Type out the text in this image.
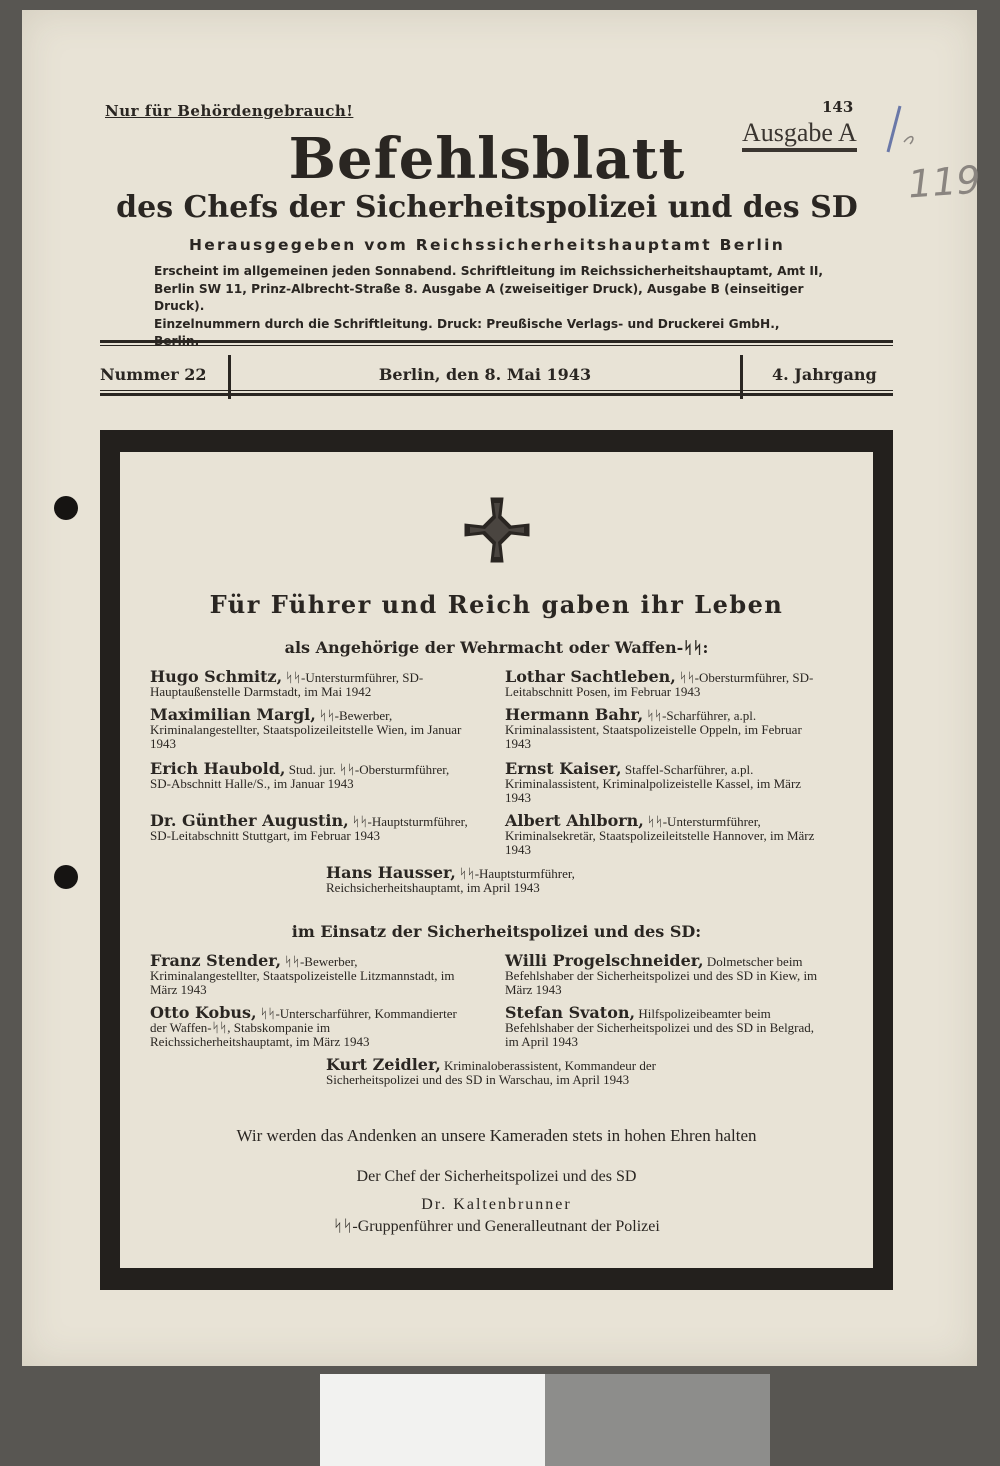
Nur für Behördengebrauch!	143
Ausgabe A
119
Befehlsblatt
des Chefs der Sicherheitspolizei und des SD
Herausgegeben vom Reichssicherheitshauptamt Berlin
Erscheint im allgemeinen jeden Sonnabend. Schriftleitung im Reichssicherheitshauptamt, Amt II,
Berlin SW 11, Prinz-Albrecht-Straße 8. Ausgabe A (zweiseitiger Druck), Ausgabe B (einseitiger Druck).
Einzelnummern durch die Schriftleitung. Druck: Preußische Verlags- und Druckerei GmbH.,
Nummer 22	Berlin, den 8. Mai 1943	4. Jahrgang
Für Führer und Reich gaben ihr Leben
als Angehörige der Wehrmacht oder Waffen-ᛋᛋ:
Hugo Schmitz, ᛋᛋ-Untersturmführer, SD-Hauptaußenstelle Darmstadt, im Mai 1942
Lothar Sachtleben, ᛋᛋ-Obersturmführer, SD-Leitabschnitt Posen, im Februar 1943
Maximilian Margl, ᛋᛋ-Bewerber, Kriminalangestellter, Staatspolizeileitstelle Wien, im Januar 1943
Hermann Bahr, ᛋᛋ-Scharführer, a.pl. Kriminalassistent, Staatspolizeistelle Oppeln, im Februar 1943
Erich Haubold, Stud. jur. ᛋᛋ-Obersturmführer, SD-Abschnitt Halle/S., im Januar 1943
Ernst Kaiser, Staffel-Scharführer, a.pl. Kriminalassistent, Kriminalpolizeistelle Kassel, im März 1943
Dr. Günther Augustin, ᛋᛋ-Hauptsturmführer, SD-Leitabschnitt Stuttgart, im Februar 1943
Albert Ahlborn, ᛋᛋ-Untersturmführer, Kriminalsekretär, Staatspolizeileitstelle Hannover, im März 1943
Hans Hausser, ᛋᛋ-Hauptsturmführer, Reichsicherheitshauptamt, im April 1943
im Einsatz der Sicherheitspolizei und des SD:
Franz Stender, ᛋᛋ-Bewerber, Kriminalangestellter, Staatspolizeistelle Litzmannstadt, im März 1943
Willi Progelschneider, Dolmetscher beim Befehlshaber der Sicherheitspolizei und des SD in Kiew, im März 1943
Otto Kobus, ᛋᛋ-Unterscharführer, Kommandierter der Waffen-ᛋᛋ, Stabskompanie im Reichssicherheitshauptamt, im März 1943
Stefan Svaton, Hilfspolizeibeamter beim Befehlshaber der Sicherheitspolizei und des SD in Belgrad, im April 1943
Kurt Zeidler, Kriminaloberassistent, Kommandeur der Sicherheitspolizei und des SD in Warschau, im April 1943
Wir werden das Andenken an unsere Kameraden stets in hohen Ehren halten
Der Chef der Sicherheitspolizei und des SD
Dr. Kaltenbrunner
ᛋᛋ-Gruppenführer und Generalleutnant der Polizei
